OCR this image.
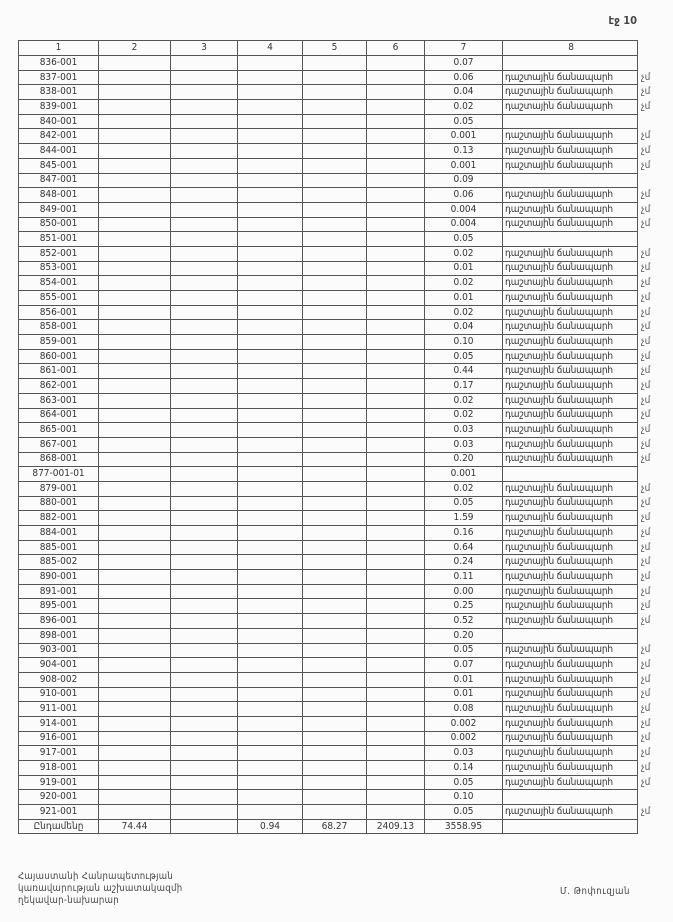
էջ 10
1	2	3	4	5	6	7	8	
836-001						0.07		
837-001						0.06	դաշտային ճանապարհ	չմ
838-001						0.04	դաշտային ճանապարհ	չմ
839-001						0.02	դաշտային ճանապարհ	չմ
840-001						0.05		
842-001						0.001	դաշտային ճանապարհ	չմ
844-001						0.13	դաշտային ճանապարհ	չմ
845-001						0.001	դաշտային ճանապարհ	չմ
847-001						0.09		
848-001						0.06	դաշտային ճանապարհ	չմ
849-001						0.004	դաշտային ճանապարհ	չմ
850-001						0.004	դաշտային ճանապարհ	չմ
851-001						0.05		
852-001						0.02	դաշտային ճանապարհ	չմ
853-001						0.01	դաշտային ճանապարհ	չմ
854-001						0.02	դաշտային ճանապարհ	չմ
855-001						0.01	դաշտային ճանապարհ	չմ
856-001						0.02	դաշտային ճանապարհ	չմ
858-001						0.04	դաշտային ճանապարհ	չմ
859-001						0.10	դաշտային ճանապարհ	չմ
860-001						0.05	դաշտային ճանապարհ	չմ
861-001						0.44	դաշտային ճանապարհ	չմ
862-001						0.17	դաշտային ճանապարհ	չմ
863-001						0.02	դաշտային ճանապարհ	չմ
864-001						0.02	դաշտային ճանապարհ	չմ
865-001						0.03	դաշտային ճանապարհ	չմ
867-001						0.03	դաշտային ճանապարհ	չմ
868-001						0.20	դաշտային ճանապարհ	չմ
877-001-01						0.001		
879-001						0.02	դաշտային ճանապարհ	չմ
880-001						0.05	դաշտային ճանապարհ	չմ
882-001						1.59	դաշտային ճանապարհ	չմ
884-001						0.16	դաշտային ճանապարհ	չմ
885-001						0.64	դաշտային ճանապարհ	չմ
885-002						0.24	դաշտային ճանապարհ	չմ
890-001						0.11	դաշտային ճանապարհ	չմ
891-001						0.00	դաշտային ճանապարհ	չմ
895-001						0.25	դաշտային ճանապարհ	չմ
896-001						0.52	դաշտային ճանապարհ	չմ
898-001						0.20		
903-001						0.05	դաշտային ճանապարհ	չմ
904-001						0.07	դաշտային ճանապարհ	չմ
908-002						0.01	դաշտային ճանապարհ	չմ
910-001						0.01	դաշտային ճանապարհ	չմ
911-001						0.08	դաշտային ճանապարհ	չմ
914-001						0.002	դաշտային ճանապարհ	չմ
916-001						0.002	դաշտային ճանապարհ	չմ
917-001						0.03	դաշտային ճանապարհ	չմ
918-001						0.14	դաշտային ճանապարհ	չմ
919-001						0.05	դաշտային ճանապարհ	չմ
920-001						0.10		
921-001						0.05	դաշտային ճանապարհ	չմ
Ընդամենը	74.44		0.94	68.27	2409.13	3558.95		
Հայաստանի Հանրապետության
կառավարության աշխատակազմի
ղեկավար-նախարար
Մ. Թոփուզյան
